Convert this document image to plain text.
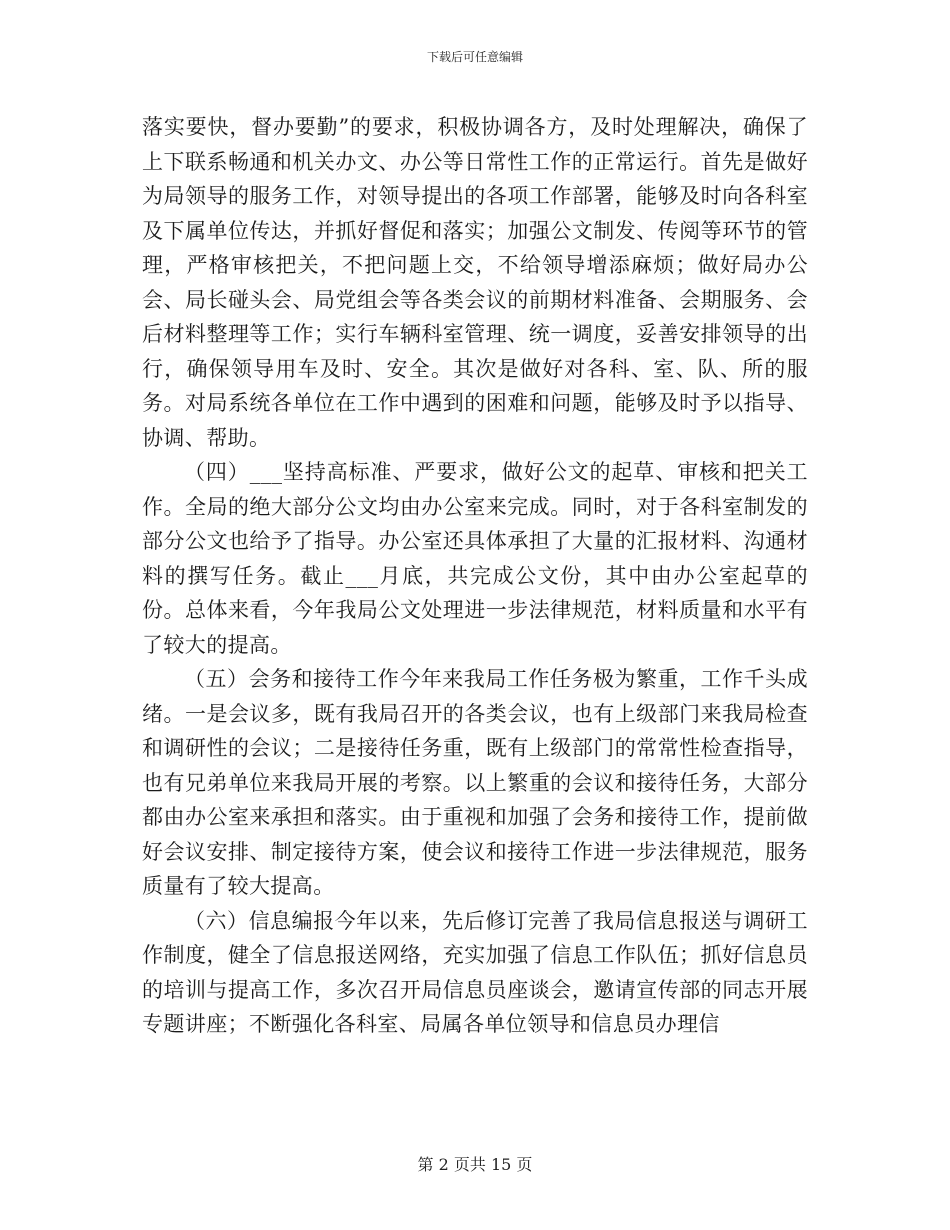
下载后可任意编辑

落实要快，督办要勤”的要求，积极协调各方，及时处理解决，确保了上下联系畅通和机关办文、办公等日常性工作的正常运行。首先是做好为局领导的服务工作，对领导提出的各项工作部署，能够及时向各科室及下属单位传达，并抓好督促和落实；加强公文制发、传阅等环节的管理，严格审核把关，不把问题上交，不给领导增添麻烦；做好局办公会、局长碰头会、局党组会等各类会议的前期材料准备、会期服务、会后材料整理等工作；实行车辆科室管理、统一调度，妥善安排领导的出行，确保领导用车及时、安全。其次是做好对各科、室、队、所的服务。对局系统各单位在工作中遇到的困难和问题，能够及时予以指导、协调、帮助。

（四）___坚持高标准、严要求，做好公文的起草、审核和把关工作。全局的绝大部分公文均由办公室来完成。同时，对于各科室制发的部分公文也给予了指导。办公室还具体承担了大量的汇报材料、沟通材料的撰写任务。截止___月底，共完成公文份，其中由办公室起草的份。总体来看，今年我局公文处理进一步法律规范，材料质量和水平有了较大的提高。

（五）会务和接待工作今年来我局工作任务极为繁重，工作千头成绪。一是会议多，既有我局召开的各类会议，也有上级部门来我局检查和调研性的会议；二是接待任务重，既有上级部门的常常性检查指导，也有兄弟单位来我局开展的考察。以上繁重的会议和接待任务，大部分都由办公室来承担和落实。由于重视和加强了会务和接待工作，提前做好会议安排、制定接待方案，使会议和接待工作进一步法律规范，服务质量有了较大提高。

（六）信息编报今年以来，先后修订完善了我局信息报送与调研工作制度，健全了信息报送网络，充实加强了信息工作队伍；抓好信息员的培训与提高工作，多次召开局信息员座谈会，邀请宣传部的同志开展专题讲座；不断强化各科室、局属各单位领导和信息员办理信

第 2 页共 15 页
